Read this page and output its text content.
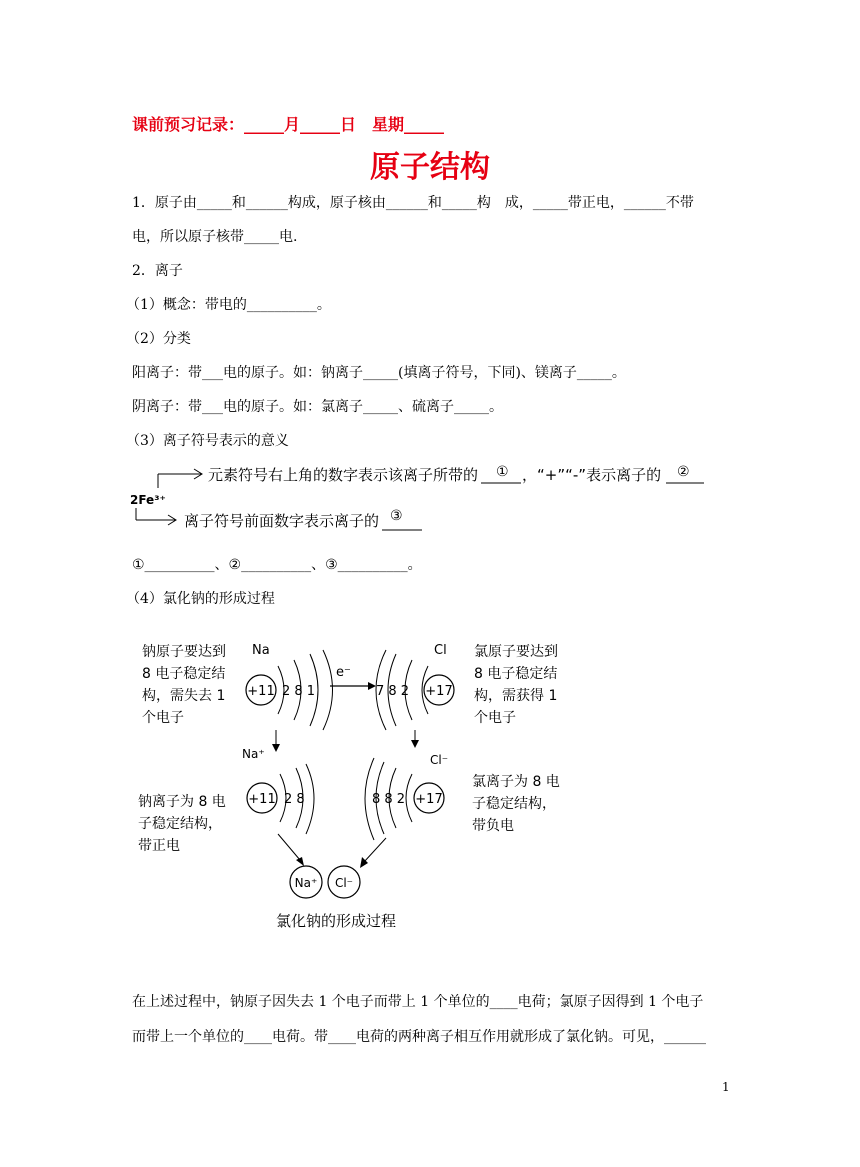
课前预习记录：_____月_____日　星期_____
原子结构
1．原子由_____和______构成，原子核由______和_____构　成，_____带正电，______不带
电，所以原子核带_____电.
2．离子
（1）概念：带电的__________。
（2）分类
阳离子：带___电的原子。如：钠离子_____(填离子符号，下同)、镁离子_____。
阴离子：带___电的原子。如：氯离子_____、硫离子_____。
（3）离子符号表示的意义
元素符号右上角的数字表示该离子所带的 ① ，“+”“-”表示离子的 ②
2Fe³⁺
离子符号前面数字表示离子的 ③
①__________、②__________、③__________。
（4）氯化钠的形成过程
钠原子要达到
8 电子稳定结
构，需失去 1
个电子
氯原子要达到
8 电子稳定结
构，需获得 1
个电子
钠离子为 8 电
子稳定结构，
带正电
氯离子为 8 电
子稳定结构，
带负电
Na
+11 2 8 1
e⁻
Cl
7 8 2 +17
Na⁺
+11 2 8
Cl⁻
8 8 2 +17
Na⁺ Cl⁻
氯化钠的形成过程
在上述过程中，钠原子因失去 1 个电子而带上 1 个单位的____电荷；氯原子因得到 1 个电子
而带上一个单位的____电荷。带____电荷的两种离子相互作用就形成了氯化钠。可见，______
1
